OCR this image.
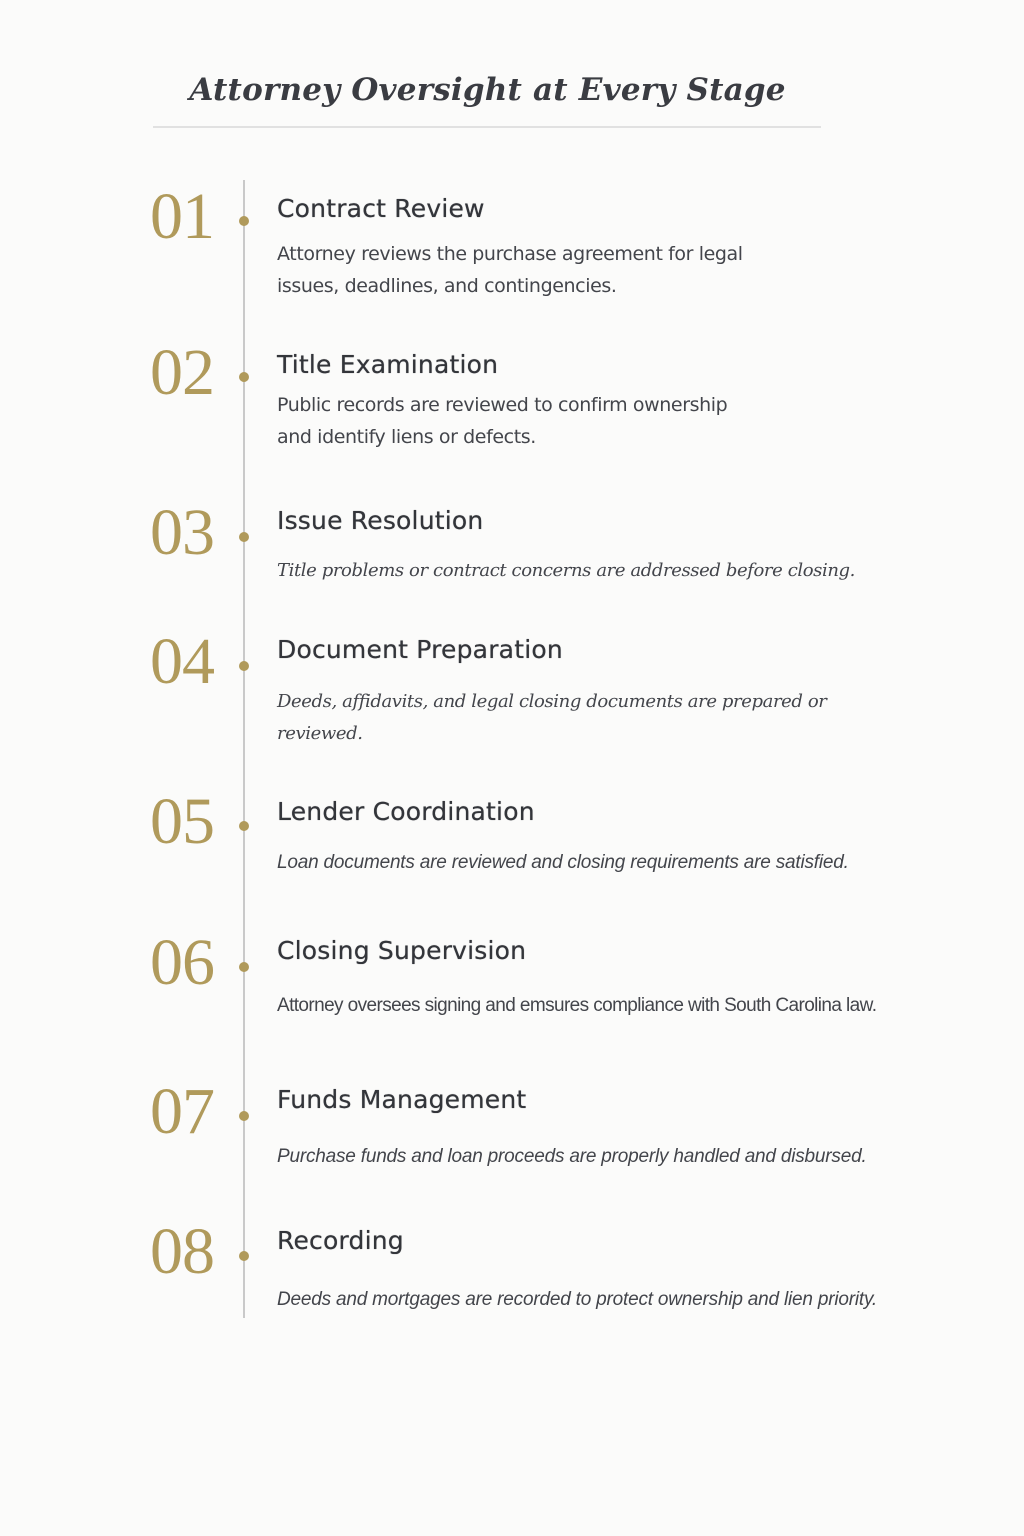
Attorney Oversight at Every Stage
01	Contract Review

Attorney reviews the purchase agreement for legal
issues, deadlines, and contingencies.

02	Title Examination

Public records are reviewed to confirm ownership
and identify liens or defects.

03	Issue Resolution

Title problems or contract concerns are addressed before closing.

04	Document Preparation

Deeds, affidavits, and legal closing documents are prepared or
reviewed.

05	Lender Coordination

Loan documents are reviewed and closing requirements are satisfied.

06	Closing Supervision

Attorney oversees signing and emsures compliance with South Carolina law.

07	Funds Management

Purchase funds and loan proceeds are properly handled and disbursed.

08	Recording

Deeds and mortgages are recorded to protect ownership and lien priority.
